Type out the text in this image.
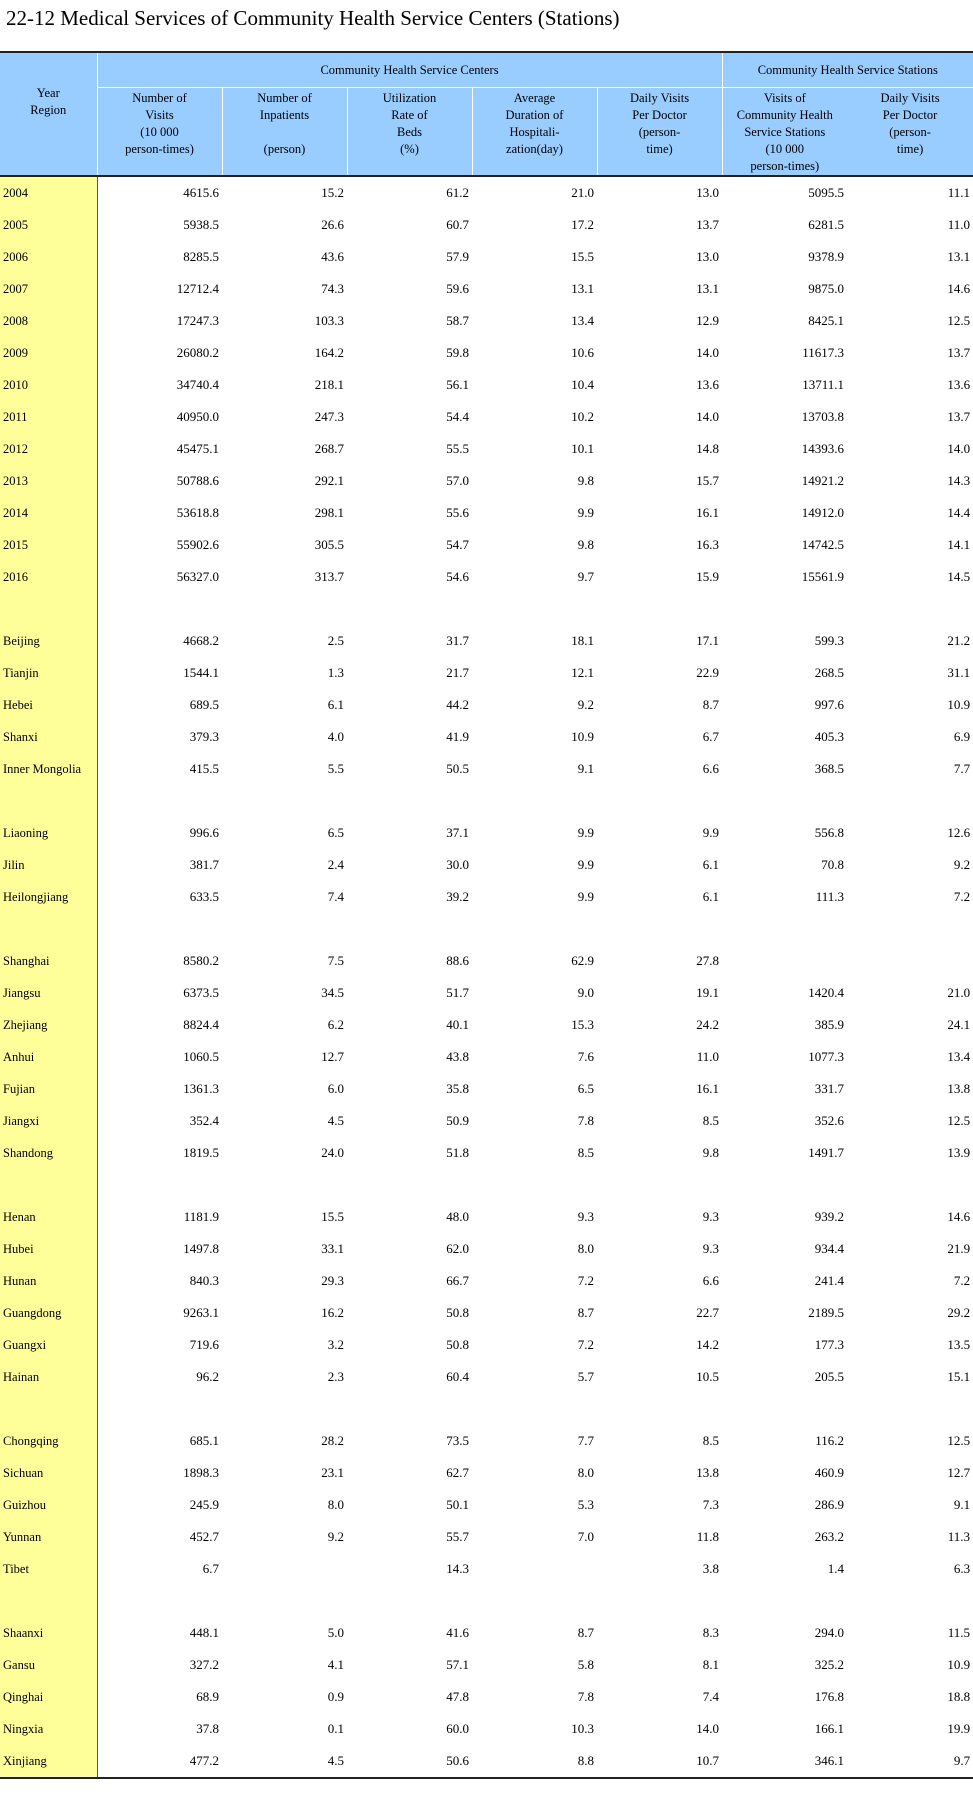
22-12 Medical Services of Community Health Service Centers (Stations)
Year
Region	Community Health Service Centers					Community Health Service Stations	

	Number of
Visits
(10 000
person-times)	Number of
Inpatients

(person)	Utilization
Rate of
Beds
(%)	Average
Duration of
Hospitali-
zation(day)	Daily Visits
Per Doctor
(person-
time)	Visits of
Community Health
Service Stations
(10 000
person-times)	Daily Visits
Per Doctor
(person-
time)

2004	4615.6	15.2	61.2	21.0	13.0	5095.5	11.1
2005	5938.5	26.6	60.7	17.2	13.7	6281.5	11.0
2006	8285.5	43.6	57.9	15.5	13.0	9378.9	13.1
2007	12712.4	74.3	59.6	13.1	13.1	9875.0	14.6
2008	17247.3	103.3	58.7	13.4	12.9	8425.1	12.5
2009	26080.2	164.2	59.8	10.6	14.0	11617.3	13.7
2010	34740.4	218.1	56.1	10.4	13.6	13711.1	13.6
2011	40950.0	247.3	54.4	10.2	14.0	13703.8	13.7
2012	45475.1	268.7	55.5	10.1	14.8	14393.6	14.0
2013	50788.6	292.1	57.0	9.8	15.7	14921.2	14.3
2014	53618.8	298.1	55.6	9.9	16.1	14912.0	14.4
2015	55902.6	305.5	54.7	9.8	16.3	14742.5	14.1
2016	56327.0	313.7	54.6	9.7	15.9	15561.9	14.5

Beijing	4668.2	2.5	31.7	18.1	17.1	599.3	21.2
Tianjin	1544.1	1.3	21.7	12.1	22.9	268.5	31.1
Hebei	689.5	6.1	44.2	9.2	8.7	997.6	10.9
Shanxi	379.3	4.0	41.9	10.9	6.7	405.3	6.9
Inner Mongolia	415.5	5.5	50.5	9.1	6.6	368.5	7.7

Liaoning	996.6	6.5	37.1	9.9	9.9	556.8	12.6
Jilin	381.7	2.4	30.0	9.9	6.1	70.8	9.2
Heilongjiang	633.5	7.4	39.2	9.9	6.1	111.3	7.2

Shanghai	8580.2	7.5	88.6	62.9	27.8		
Jiangsu	6373.5	34.5	51.7	9.0	19.1	1420.4	21.0
Zhejiang	8824.4	6.2	40.1	15.3	24.2	385.9	24.1
Anhui	1060.5	12.7	43.8	7.6	11.0	1077.3	13.4
Fujian	1361.3	6.0	35.8	6.5	16.1	331.7	13.8
Jiangxi	352.4	4.5	50.9	7.8	8.5	352.6	12.5
Shandong	1819.5	24.0	51.8	8.5	9.8	1491.7	13.9

Henan	1181.9	15.5	48.0	9.3	9.3	939.2	14.6
Hubei	1497.8	33.1	62.0	8.0	9.3	934.4	21.9
Hunan	840.3	29.3	66.7	7.2	6.6	241.4	7.2
Guangdong	9263.1	16.2	50.8	8.7	22.7	2189.5	29.2
Guangxi	719.6	3.2	50.8	7.2	14.2	177.3	13.5
Hainan	96.2	2.3	60.4	5.7	10.5	205.5	15.1

Chongqing	685.1	28.2	73.5	7.7	8.5	116.2	12.5
Sichuan	1898.3	23.1	62.7	8.0	13.8	460.9	12.7
Guizhou	245.9	8.0	50.1	5.3	7.3	286.9	9.1
Yunnan	452.7	9.2	55.7	7.0	11.8	263.2	11.3
Tibet	6.7		14.3		3.8	1.4	6.3

Shaanxi	448.1	5.0	41.6	8.7	8.3	294.0	11.5
Gansu	327.2	4.1	57.1	5.8	8.1	325.2	10.9
Qinghai	68.9	0.9	47.8	7.8	7.4	176.8	18.8
Ningxia	37.8	0.1	60.0	10.3	14.0	166.1	19.9
Xinjiang	477.2	4.5	50.6	8.8	10.7	346.1	9.7
